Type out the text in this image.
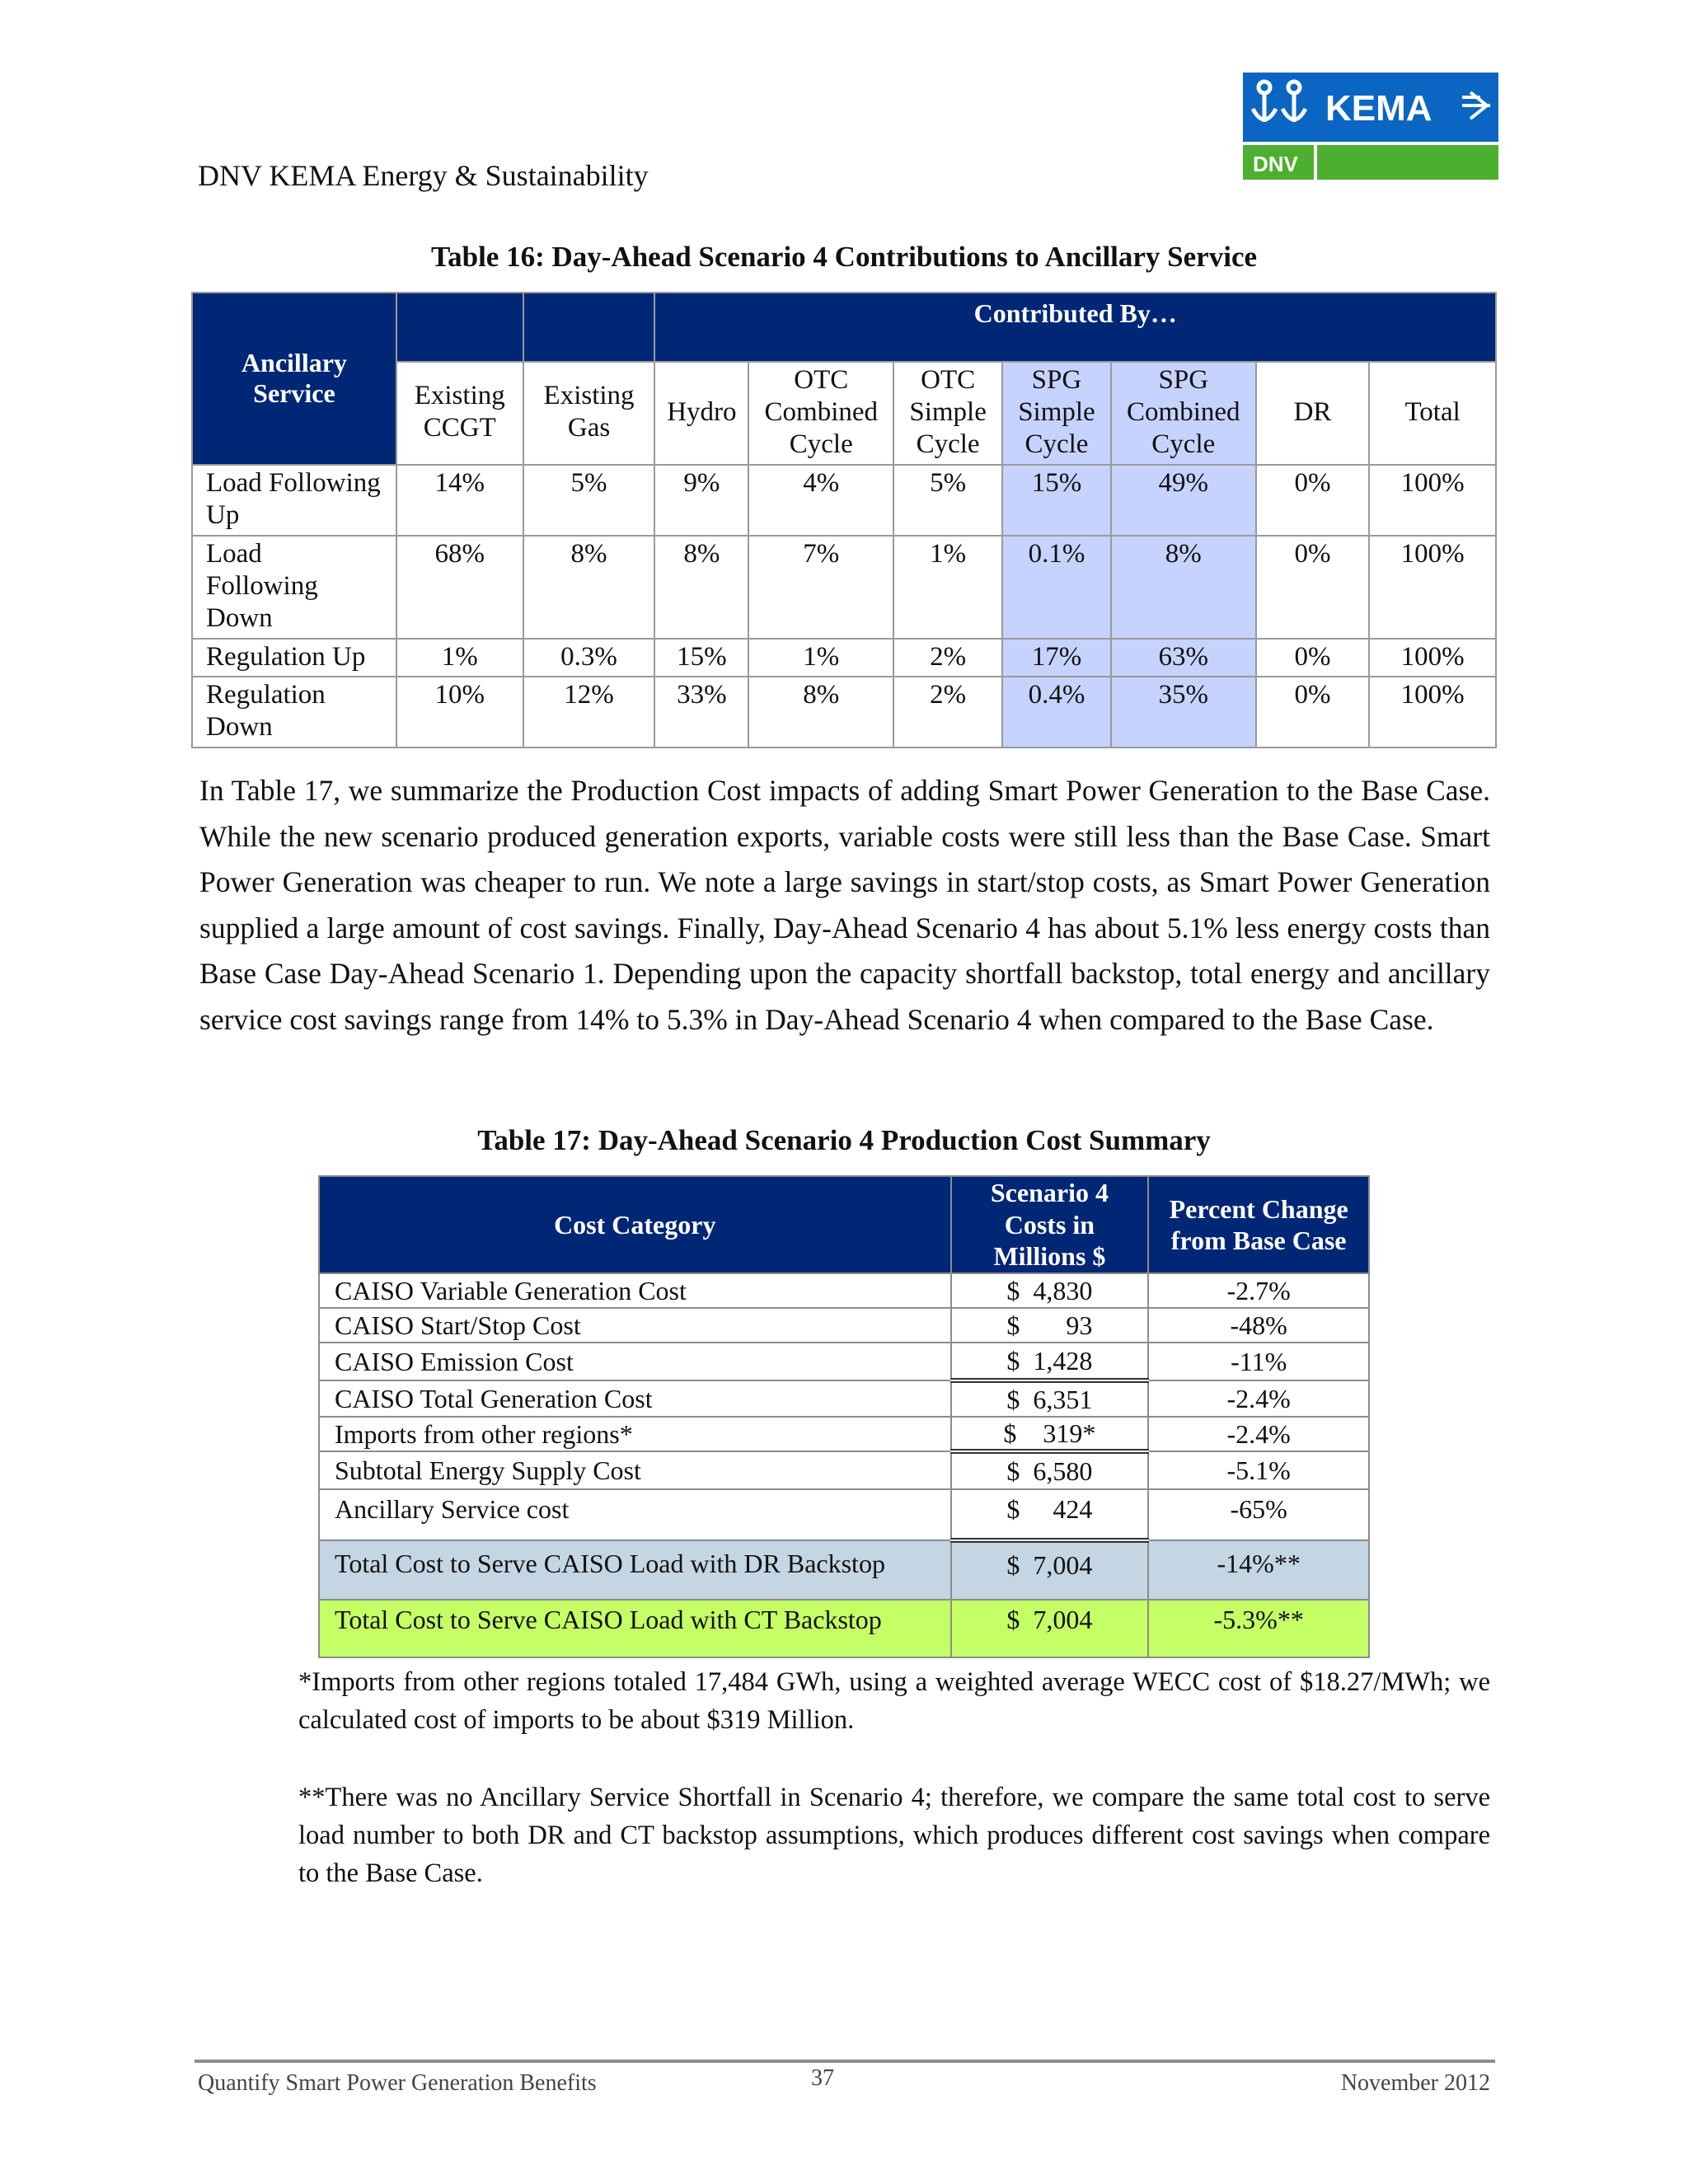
KEMA
DNV
DNV KEMA Energy & Sustainability
Table 16: Day-Ahead Scenario 4 Contributions to Ancillary Service
Ancillary Service			Contributed By…						
	Existing CCGT	Existing Gas	Hydro	OTC Combined Cycle	OTC Simple Cycle	SPG Simple Cycle	SPG Combined Cycle	DR	Total
Load Following Up	14%	5%	9%	4%	5%	15%	49%	0%	100%
Load Following Down	68%	8%	8%	7%	1%	0.1%	8%	0%	100%
Regulation Up	1%	0.3%	15%	1%	2%	17%	63%	0%	100%
Regulation Down	10%	12%	33%	8%	2%	0.4%	35%	0%	100%
In Table 17, we summarize the Production Cost impacts of adding Smart Power Generation to the Base Case. While the new scenario produced generation exports, variable costs were still less than the Base Case. Smart Power Generation was cheaper to run. We note a large savings in start/stop costs, as Smart Power Generation supplied a large amount of cost savings. Finally, Day-Ahead Scenario 4 has about 5.1% less energy costs than Base Case Day-Ahead Scenario 1. Depending upon the capacity shortfall backstop, total energy and ancillary service cost savings range from 14% to 5.3% in Day-Ahead Scenario 4 when compared to the Base Case.
Table 17: Day-Ahead Scenario 4 Production Cost Summary
Cost Category	Scenario 4 Costs in Millions $	Percent Change from Base Case
CAISO Variable Generation Cost	$  4,830	-2.7%
CAISO Start/Stop Cost	$       93	-48%
CAISO Emission Cost	$  1,428	-11%
CAISO Total Generation Cost	$  6,351	-2.4%
Imports from other regions*	$    319*	-2.4%
Subtotal Energy Supply Cost	$  6,580	-5.1%
Ancillary Service cost	$     424	-65%
Total Cost to Serve CAISO Load with DR Backstop	$  7,004	-14%**
Total Cost to Serve CAISO Load with CT Backstop	$  7,004	-5.3%**
*Imports from other regions totaled 17,484 GWh, using a weighted average WECC cost of $18.27/MWh; we calculated cost of imports to be about $319 Million.
**There was no Ancillary Service Shortfall in Scenario 4; therefore, we compare the same total cost to serve load number to both DR and CT backstop assumptions, which produces different cost savings when compare to the Base Case.
Quantify Smart Power Generation Benefits	37	November 2012
